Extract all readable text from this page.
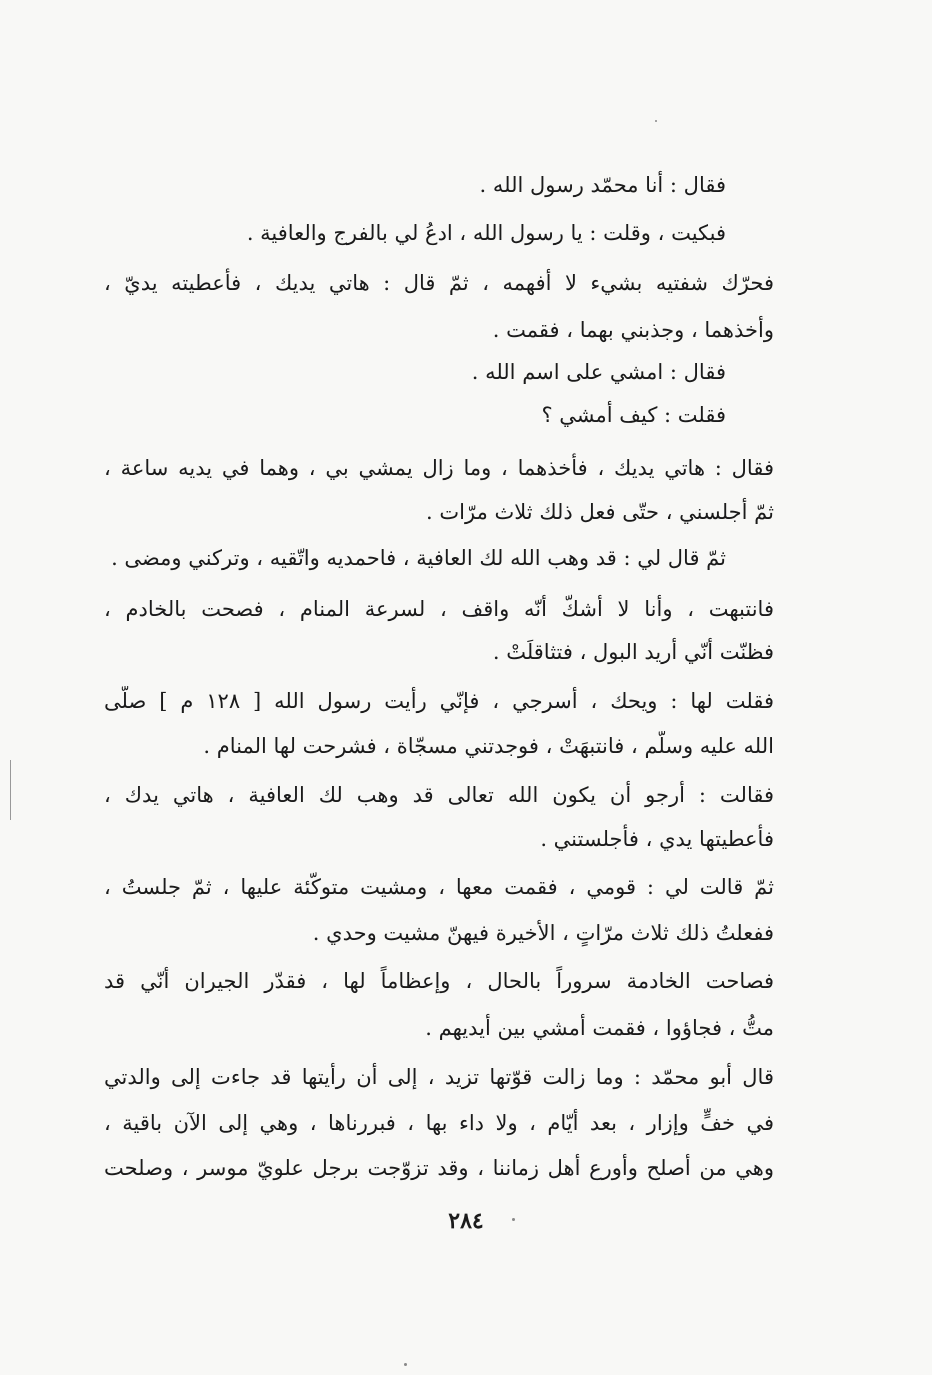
فقال : أنا محمّد رسول الله .
فبكيت ، وقلت : يا رسول الله ، ادعُ لي بالفرج والعافية .
فحرّك شفتيه بشيء لا أفهمه ، ثمّ قال : هاتي يديك ، فأعطيته يديّ ،
وأخذهما ، وجذبني بهما ، فقمت .
فقال : امشي على اسم الله .
فقلت : كيف أمشي ؟
فقال : هاتي يديك ، فأخذهما ، وما زال يمشي بي ، وهما في يديه ساعة ،
ثمّ أجلسني ، حتّى فعل ذلك ثلاث مرّات .
ثمّ قال لي : قد وهب الله لك العافية ، فاحمديه واتّقيه ، وتركني ومضى .
فانتبهت ، وأنا لا أشكّ أنّه واقف ، لسرعة المنام ، فصحت بالخادم ،
فظنّت أنّي أريد البول ، فتثاقلَتْ .
فقلت لها : ويحك ، أسرجي ، فإنّي رأيت رسول الله [ ١٢٨ م ] صلّى
الله عليه وسلّم ، فانتبهَتْ ، فوجدتني مسجّاة ، فشرحت لها المنام .
فقالت : أرجو أن يكون الله تعالى قد وهب لك العافية ، هاتي يدك ،
فأعطيتها يدي ، فأجلستني .
ثمّ قالت لي : قومي ، فقمت معها ، ومشيت متوكّئة عليها ، ثمّ جلستُ ،
ففعلتُ ذلك ثلاث مرّاتٍ ، الأخيرة فيهنّ مشيت وحدي .
فصاحت الخادمة سروراً بالحال ، وإعظاماً لها ، فقدّر الجيران أنّي قد
متُّ ، فجاؤوا ، فقمت أمشي بين أيديهم .
قال أبو محمّد : وما زالت قوّتها تزيد ، إلى أن رأيتها قد جاءت إلى والدتي
في خفٍّ وإزار ، بعد أيّام ، ولا داء بها ، فبررناها ، وهي إلى الآن باقية ،
وهي من أصلح وأورع أهل زماننا ، وقد تزوّجت برجل علويّ موسر ، وصلحت
٢٨٤
